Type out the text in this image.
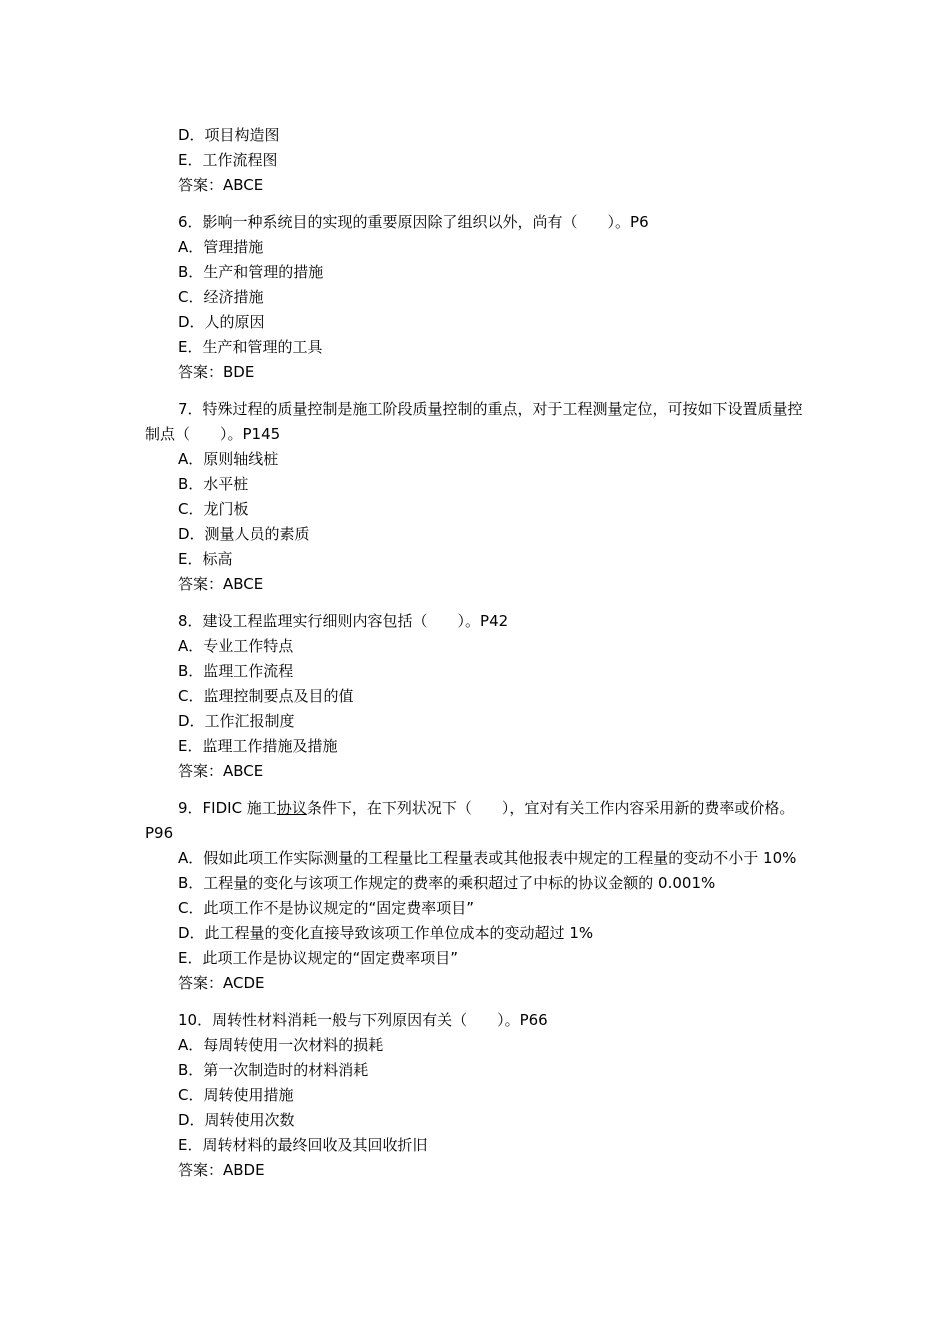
D．项目构造图
E．工作流程图
答案：ABCE
6．影响一种系统目的实现的重要原因除了组织以外，尚有（　　）。P6
A．管理措施
B．生产和管理的措施
C．经济措施
D．人的原因
E．生产和管理的工具
答案：BDE
7．特殊过程的质量控制是施工阶段质量控制的重点，对于工程测量定位，可按如下设置质量控制点（　　）。P145
A．原则轴线桩
B．水平桩
C．龙门板
D．测量人员的素质
E．标高
答案：ABCE
8．建设工程监理实行细则内容包括（　　）。P42
A．专业工作特点
B．监理工作流程
C．监理控制要点及目的值
D．工作汇报制度
E．监理工作措施及措施
答案：ABCE
9．FIDIC 施工协议条件下，在下列状况下（　　），宜对有关工作内容采用新的费率或价格。P96
A．假如此项工作实际测量的工程量比工程量表或其他报表中规定的工程量的变动不小于 10%
B．工程量的变化与该项工作规定的费率的乘积超过了中标的协议金额的 0.001%
C．此项工作不是协议规定的“固定费率项目”
D．此工程量的变化直接导致该项工作单位成本的变动超过 1%
E．此项工作是协议规定的“固定费率项目”
答案：ACDE
10．周转性材料消耗一般与下列原因有关（　　）。P66
A．每周转使用一次材料的损耗
B．第一次制造时的材料消耗
C．周转使用措施
D．周转使用次数
E．周转材料的最终回收及其回收折旧
答案：ABDE
